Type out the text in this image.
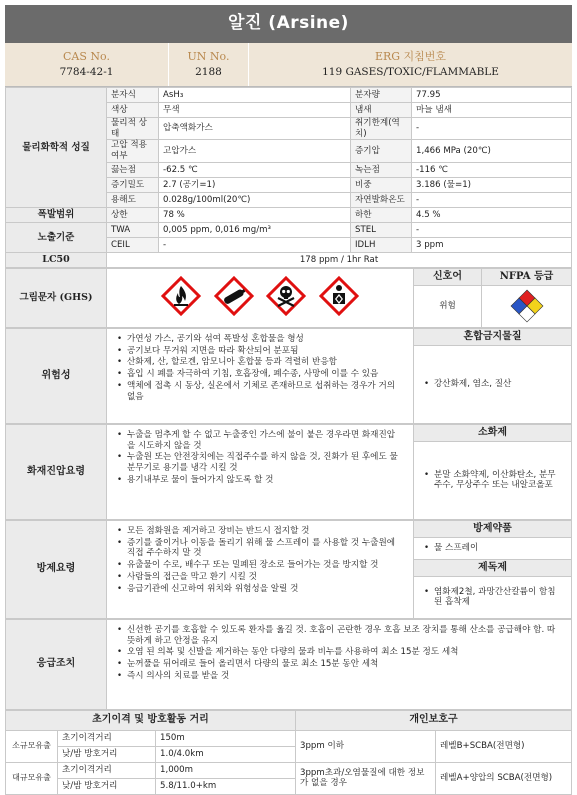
알진 (Arsine)
CAS No.
7784-42-1
UN No.
2188
ERG 지침번호
119 GASES/TOXIC/FLAMMABLE
물리화학적 성질	분자식	AsH₃	분자량	77.95
	색상	무색	냄새	마늘 냄새
	물리적 상태	압축액화가스	취기한계(역치)	-
	고압 적용 여부	고압가스	증기압	1,466 MPa (20℃)
	끓는점	-62.5 ℃	녹는점	-116 ℃
	증기밀도	2.7 (공기=1)	비중	3.186 (물=1)
	용해도	0.028g/100ml(20℃)	자연발화온도	-
폭발범위	상한	78 %	하한	4.5 %
노출기준	TWA	0,005 ppm, 0,016 mg/m³	STEL	-
	CEIL	-	IDLH	3 ppm
LC50	178 ppm / 1hr Rat			
그림문자 (GHS)		신호어	NFPA 등급
		위험	
위험성	
• 가연성 가스, 공기와 섞여 폭발성 혼합물을 형성
• 공기보다 무거워 지면을 따라 확산되어 분포됨
• 산화제, 산, 할로겐, 암모니아 혼합물 등과 격렬히 반응함
• 흡입 시 폐를 자극하여 기침, 호흡장애, 폐수종, 사망에 이를 수 있음
• 액체에 접촉 시 동상, 실온에서 기체로 존재하므로 섭취하는 경우가 거의 없음
	혼합금지물질

• 강산화제, 염소, 질산
화재진압요령	
• 누출을 멈추게 할 수 없고 누출중인 가스에 불이 붙은 경우라면 화재진압을 시도하지 않을 것
• 누출원 또는 안전장치에는 직접주수를 하지 않을 것, 진화가 된 후에도 물분무기로 용기를 냉각 시킬 것
• 용기내부로 물이 들어가지 않도록 할 것
	소화제

• 분말 소화약제, 이산화탄소, 분무주수, 무상주수 또는 내알코올포
방제요령	
• 모든 점화원을 제거하고 장비는 반드시 접지할 것
• 증기를 줄이거나 이동을 돌리기 위해 물 스프레이 를 사용할 것 누출원에 직접 주수하지 말 것
• 유출물이 수로, 배수구 또는 밀폐된 장소로 들어가는 것을 방지할 것
• 사람들의 접근을 막고 환기 시킬 것
• 응급기관에 신고하여 위치와 위험성을 알릴 것
	방제약품

• 물 스프레이

제독제

• 염화제2철, 과망간산칼륨이 함침된 흡착제
응급조치	
• 신선한 공기를 호흡할 수 있도록 환자를 옮길 것. 호흡이 곤란한 경우 호흡 보조 장치를 통해 산소를 공급해야 함. 따뜻하게 하고 안정을 유지
• 오염 된 의복 및 신발을 제거하는 동안 다량의 물과 비누를 사용하여 최소 15분 정도 세척
• 눈꺼풀을 뒤어래로 들어 올리면서 다량의 물로 최소 15분 동안 세척
• 즉시 의사의 치료를 받을 것
초기이격 및 방호활동 거리			개인보호구	
소규모유출	초기이격거리	150m	3ppm 이하	레벨B+SCBA(전면형)
	낮/밤 방호거리	1.0/4.0km		
대규모유출	초기이격거리	1,000m	3ppm초과/오염물질에 대한 정보가 없을 경우	레벨A+양압의 SCBA(전면형)
	낮/밤 방호거리	5.8/11.0+km		
